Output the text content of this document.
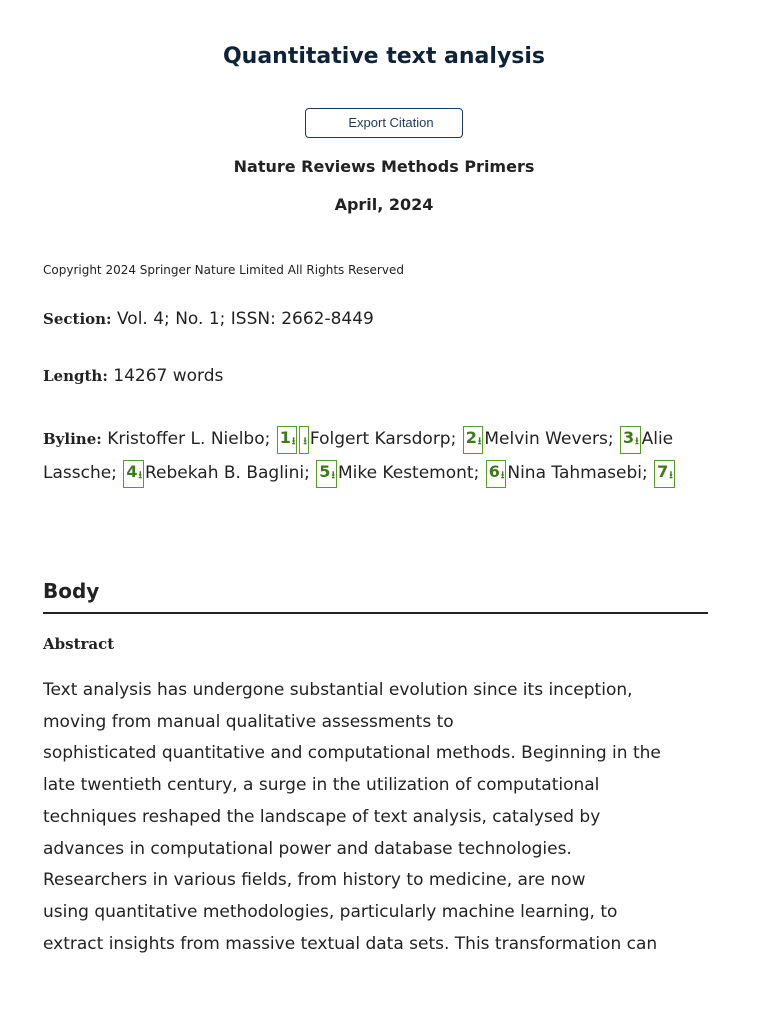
Quantitative text analysis
Export Citation
Nature Reviews Methods Primers
April, 2024
Copyright 2024 Springer Nature Limited All Rights Reserved
Section: Vol. 4; No. 1; ISSN: 2662-8449
Length: 14267 words
Byline: Kristoffer L. Nielbo; 1⭳ ⭳ Folgert Karsdorp; 2⭳ Melvin Wevers; 3⭳ Alie Lassche; 4⭳ Rebekah B. Baglini; 5⭳ Mike Kestemont; 6⭳ Nina Tahmasebi; 7⭳
Body
Abstract
Text analysis has undergone substantial evolution since its inception,
moving from manual qualitative assessments to
sophisticated quantitative and computational methods. Beginning in the
late twentieth century, a surge in the utilization of computational
techniques reshaped the landscape of text analysis, catalysed by
advances in computational power and database technologies.
Researchers in various fields, from history to medicine, are now
using quantitative methodologies, particularly machine learning, to
extract insights from massive textual data sets. This transformation can
